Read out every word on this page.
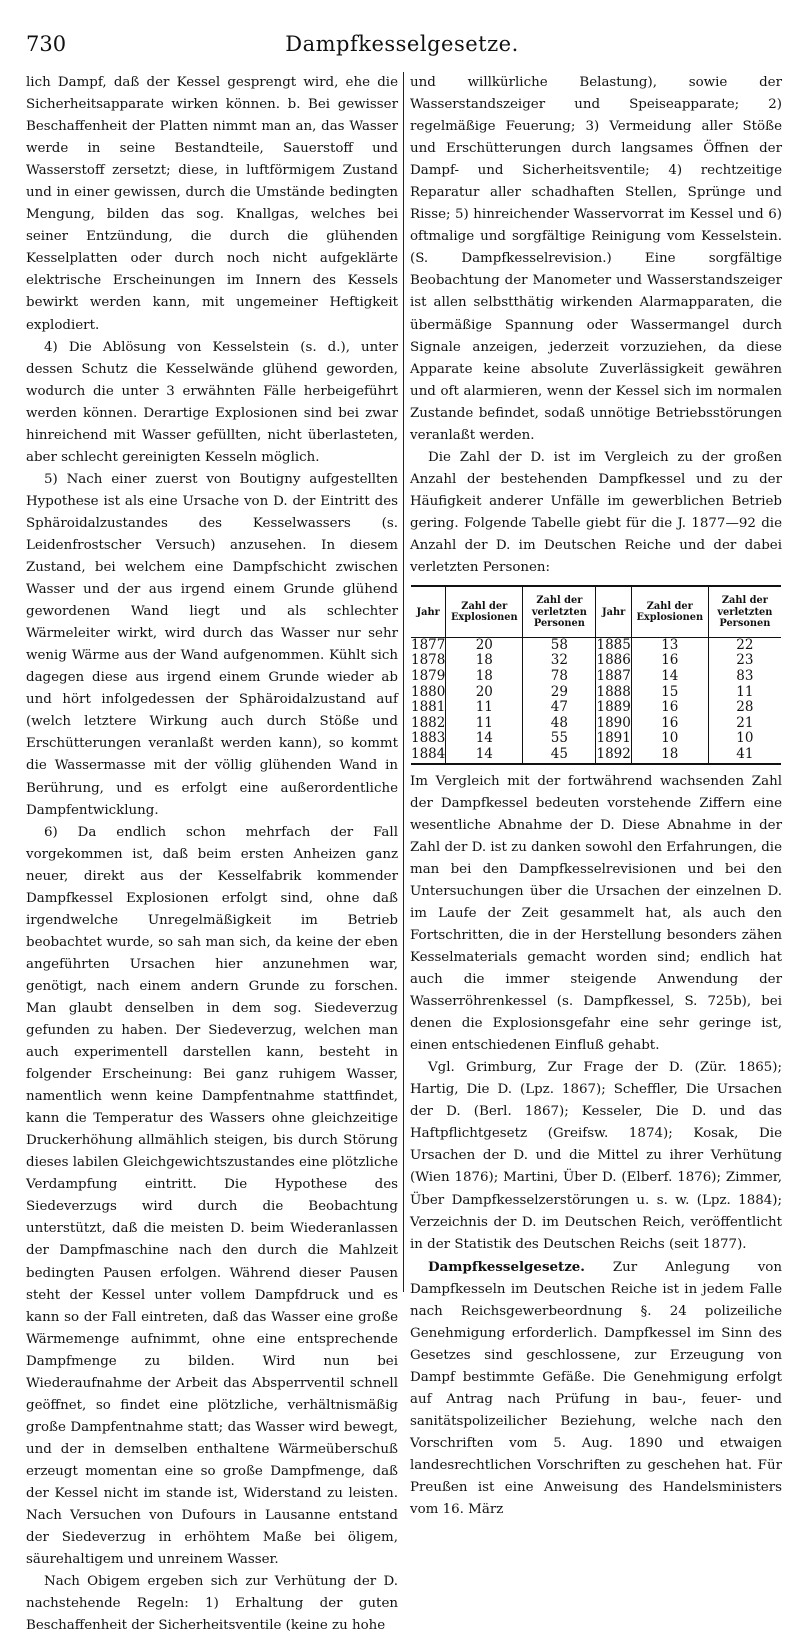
730	Dampfkesselgesetze.

lich Dampf, daß der Kessel gesprengt wird, ehe die Sicherheitsapparate wirken können. b. Bei gewisser Beschaffenheit der Platten nimmt man an, das Wasser werde in seine Bestandteile, Sauerstoff und Wasserstoff zersetzt; diese, in luftförmigem Zustand und in einer gewissen, durch die Umstände bedingten Mengung, bilden das sog. Knallgas, welches bei seiner Entzündung, die durch die glühenden Kesselplatten oder durch noch nicht aufgeklärte elektrische Erscheinungen im Innern des Kessels bewirkt werden kann, mit ungemeiner Heftigkeit explodiert.

4) Die Ablösung von Kesselstein (s. d.), unter dessen Schutz die Kesselwände glühend geworden, wodurch die unter 3 erwähnten Fälle herbeigeführt werden können. Derartige Explosionen sind bei zwar hinreichend mit Wasser gefüllten, nicht überlasteten, aber schlecht gereinigten Kesseln möglich.

5) Nach einer zuerst von Boutigny aufgestellten Hypothese ist als eine Ursache von D. der Eintritt des Sphäroidalzustandes des Kesselwassers (s. Leidenfrostscher Versuch) anzusehen. In diesem Zustand, bei welchem eine Dampfschicht zwischen Wasser und der aus irgend einem Grunde glühend gewordenen Wand liegt und als schlechter Wärmeleiter wirkt, wird durch das Wasser nur sehr wenig Wärme aus der Wand aufgenommen. Kühlt sich dagegen diese aus irgend einem Grunde wieder ab und hört infolgedessen der Sphäroidalzustand auf (welch letztere Wirkung auch durch Stöße und Erschütterungen veranlaßt werden kann), so kommt die Wassermasse mit der völlig glühenden Wand in Berührung, und es erfolgt eine außerordentliche Dampfentwicklung.

6) Da endlich schon mehrfach der Fall vorgekommen ist, daß beim ersten Anheizen ganz neuer, direkt aus der Kesselfabrik kommender Dampfkessel Explosionen erfolgt sind, ohne daß irgendwelche Unregelmäßigkeit im Betrieb beobachtet wurde, so sah man sich, da keine der eben angeführten Ursachen hier anzunehmen war, genötigt, nach einem andern Grunde zu forschen. Man glaubt denselben in dem sog. Siedeverzug gefunden zu haben. Der Siedeverzug, welchen man auch experimentell darstellen kann, besteht in folgender Erscheinung: Bei ganz ruhigem Wasser, namentlich wenn keine Dampfentnahme stattfindet, kann die Temperatur des Wassers ohne gleichzeitige Druckerhöhung allmählich steigen, bis durch Störung dieses labilen Gleichgewichtszustandes eine plötzliche Verdampfung eintritt. Die Hypothese des Siedeverzugs wird durch die Beobachtung unterstützt, daß die meisten D. beim Wiederanlassen der Dampfmaschine nach den durch die Mahlzeit bedingten Pausen erfolgen. Während dieser Pausen steht der Kessel unter vollem Dampfdruck und es kann so der Fall eintreten, daß das Wasser eine große Wärmemenge aufnimmt, ohne eine entsprechende Dampfmenge zu bilden. Wird nun bei Wiederaufnahme der Arbeit das Absperrventil schnell geöffnet, so findet eine plötzliche, verhältnismäßig große Dampfentnahme statt; das Wasser wird bewegt, und der in demselben enthaltene Wärmeüberschuß erzeugt momentan eine so große Dampfmenge, daß der Kessel nicht im stande ist, Widerstand zu leisten. Nach Versuchen von Dufours in Lausanne entstand der Siedeverzug in erhöhtem Maße bei öligem, säurehaltigem und unreinem Wasser.

Nach Obigem ergeben sich zur Verhütung der D. nachstehende Regeln: 1) Erhaltung der guten Beschaffenheit der Sicherheitsventile (keine zu hohe

und willkürliche Belastung), sowie der Wasserstandszeiger und Speiseapparate; 2) regelmäßige Feuerung; 3) Vermeidung aller Stöße und Erschütterungen durch langsames Öffnen der Dampf- und Sicherheitsventile; 4) rechtzeitige Reparatur aller schadhaften Stellen, Sprünge und Risse; 5) hinreichender Wasservorrat im Kessel und 6) oftmalige und sorgfältige Reinigung vom Kesselstein. (S. Dampfkesselrevision.) Eine sorgfältige Beobachtung der Manometer und Wasserstandszeiger ist allen selbstthätig wirkenden Alarmapparaten, die übermäßige Spannung oder Wassermangel durch Signale anzeigen, jederzeit vorzuziehen, da diese Apparate keine absolute Zuverlässigkeit gewähren und oft alarmieren, wenn der Kessel sich im normalen Zustande befindet, sodaß unnötige Betriebsstörungen veranlaßt werden.

Die Zahl der D. ist im Vergleich zu der großen Anzahl der bestehenden Dampfkessel und zu der Häufigkeit anderer Unfälle im gewerblichen Betrieb gering. Folgende Tabelle giebt für die J. 1877—92 die Anzahl der D. im Deutschen Reiche und der dabei verletzten Personen:

Jahr	Zahl der Explosionen	Zahl der verletzten Personen	Jahr	Zahl der Explosionen	Zahl der verletzten Personen
1877	20	58	1885	13	22
1878	18	32	1886	16	23
1879	18	78	1887	14	83
1880	20	29	1888	15	11
1881	11	47	1889	16	28
1882	11	48	1890	16	21
1883	14	55	1891	10	10
1884	14	45	1892	18	41

Im Vergleich mit der fortwährend wachsenden Zahl der Dampfkessel bedeuten vorstehende Ziffern eine wesentliche Abnahme der D. Diese Abnahme in der Zahl der D. ist zu danken sowohl den Erfahrungen, die man bei den Dampfkesselrevisionen und bei den Untersuchungen über die Ursachen der einzelnen D. im Laufe der Zeit gesammelt hat, als auch den Fortschritten, die in der Herstellung besonders zähen Kesselmaterials gemacht worden sind; endlich hat auch die immer steigende Anwendung der Wasserröhrenkessel (s. Dampfkessel, S. 725b), bei denen die Explosionsgefahr eine sehr geringe ist, einen entschiedenen Einfluß gehabt.

Vgl. Grimburg, Zur Frage der D. (Zür. 1865); Hartig, Die D. (Lpz. 1867); Scheffler, Die Ursachen der D. (Berl. 1867); Kesseler, Die D. und das Haftpflichtgesetz (Greifsw. 1874); Kosak, Die Ursachen der D. und die Mittel zu ihrer Verhütung (Wien 1876); Martini, Über D. (Elberf. 1876); Zimmer, Über Dampfkesselzerstörungen u. s. w. (Lpz. 1884); Verzeichnis der D. im Deutschen Reich, veröffentlicht in der Statistik des Deutschen Reichs (seit 1877).

Dampfkesselgesetze. Zur Anlegung von Dampfkesseln im Deutschen Reiche ist in jedem Falle nach Reichsgewerbeordnung §. 24 polizeiliche Genehmigung erforderlich. Dampfkessel im Sinn des Gesetzes sind geschlossene, zur Erzeugung von Dampf bestimmte Gefäße. Die Genehmigung erfolgt auf Antrag nach Prüfung in bau-, feuer- und sanitätspolizeilicher Beziehung, welche nach den Vorschriften vom 5. Aug. 1890 und etwaigen landesrechtlichen Vorschriften zu geschehen hat. Für Preußen ist eine Anweisung des Handelsministers vom 16. März
